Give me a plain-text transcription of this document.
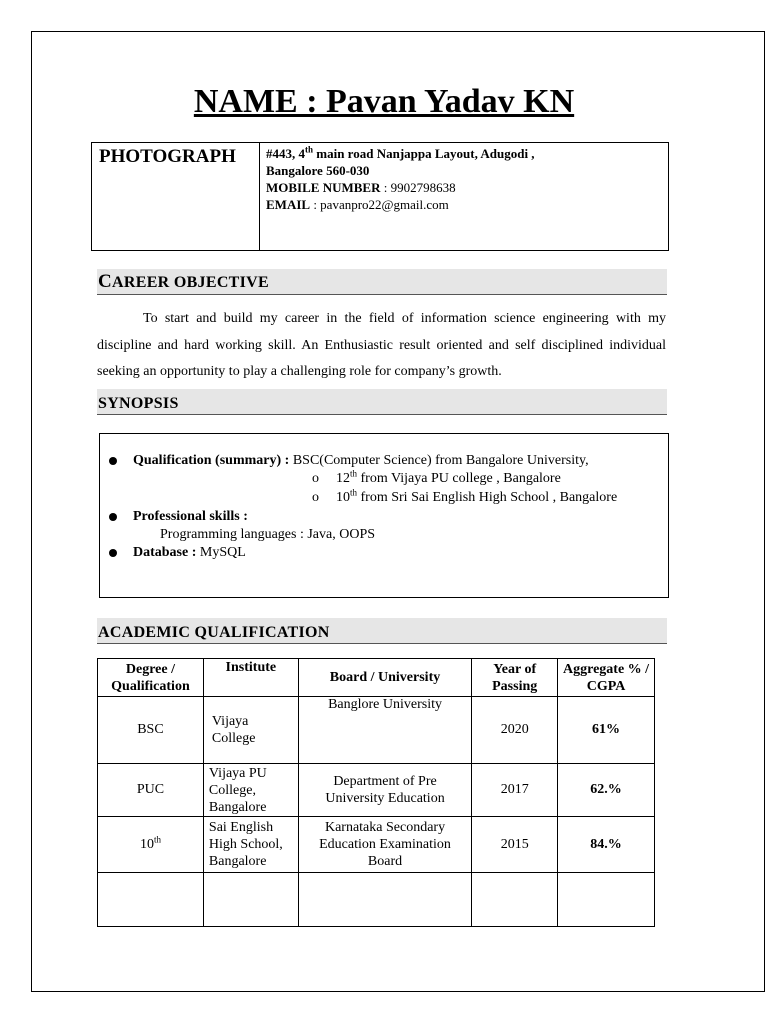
NAME : Pavan Yadav KN
PHOTOGRAPH #443, 4th main road Nanjappa Layout, Adugodi ,
Bangalore 560-030
MOBILE NUMBER : 9902798638
EMAIL : pavanpro22@gmail.com
CAREER OBJECTIVE

To start and build my career in the field of information science engineering with my discipline and hard working skill. An Enthusiastic result oriented and self disciplined individual seeking an opportunity to play a challenging role for company’s growth.

SYNOPSIS
Qualification (summary) : BSC(Computer Science) from Bangalore University,
o 12th from Vijaya PU college , Bangalore
o 10th from Sri Sai English High School , Bangalore
Professional skills :
Programming languages : Java, OOPS
Database : MySQL
ACADEMIC QUALIFICATION
Degree / Qualification	Institute	Board / University	Year of Passing	Aggregate % / CGPA
BSC	Vijaya College	Banglore University	2020	61%
PUC	Vijaya PU College, Bangalore	Department of Pre University Education	2017	62.%
10th	Sai English High School, Bangalore	Karnataka Secondary Education Examination Board	2015	84.%
